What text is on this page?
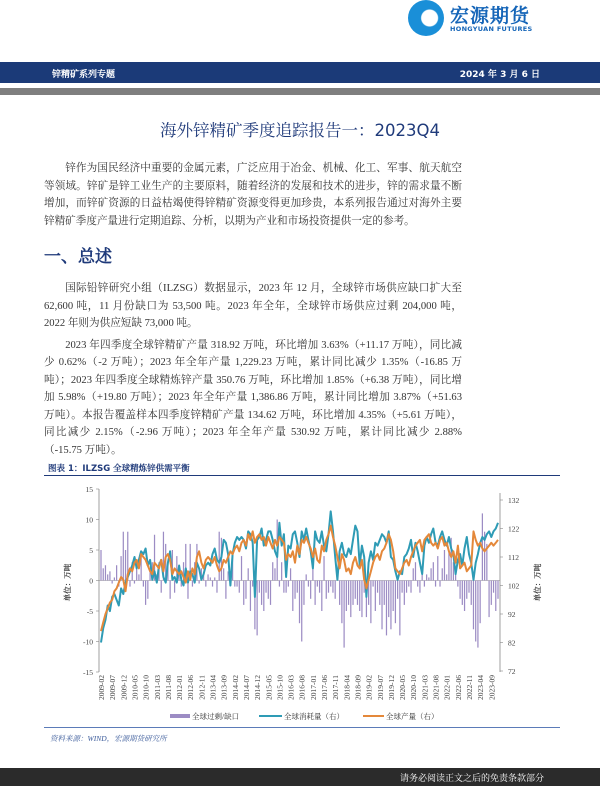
宏源期货
HONGYUAN FUTURES
锌精矿系列专题	2024 年 3 月 6 日
海外锌精矿季度追踪报告一：2023Q4

锌作为国民经济中重要的金属元素，广泛应用于冶金、机械、化工、军事、航天航空等领域。锌矿是锌工业生产的主要原料，随着经济的发展和技术的进步，锌的需求量不断增加，而锌矿资源的日益枯竭使得锌精矿资源变得更加珍贵，本系列报告通过对海外主要锌精矿季度产量进行定期追踪、分析，以期为产业和市场投资提供一定的参考。

一、总述

国际铅锌研究小组（ILZSG）数据显示，2023 年 12 月，全球锌市场供应缺口扩大至 62,600 吨，11 月份缺口为 53,500 吨。2023 年全年，全球锌市场供应过剩 204,000 吨，2022 年则为供应短缺 73,000 吨。

2023 年四季度全球锌精矿产量 318.92 万吨，环比增加 3.63%（+11.17 万吨），同比减少 0.62%（-2 万吨）；2023 年全年产量 1,229.23 万吨，累计同比减少 1.35%（-16.85 万吨）；2023 年四季度全球精炼锌产量 350.76 万吨，环比增加 1.85%（+6.38 万吨），同比增加 5.98%（+19.80 万吨）；2023 年全年产量 1,386.86 万吨，累计同比增加 3.87%（+51.63 万吨）。本报告覆盖样本四季度锌精矿产量 134.62 万吨，环比增加 4.35%（+5.61 万吨），同比减少 2.15%（-2.96 万吨）；2023 年全年产量 530.92 万吨，累计同比减少 2.88%（-15.75 万吨）。

图表 1：ILZSG 全球精炼锌供需平衡
15
10
5
0
-5
-10
-15
132
122
112
102
92
82
72
单位：万吨	单位：万吨
2009-02 2009-07 2009-12 2010-05 2010-10 2011-03 2011-08 2012-01 2012-06 2012-11 2013-04 2013-09 2014-02 2014-07 2014-12 2015-05 2015-10 2016-03 2016-08 2017-01 2017-06 2017-11 2018-04 2018-09 2019-02 2019-07 2019-12 2020-05 2020-10 2021-03 2021-08 2022-01 2022-06 2022-11 2023-04 2023-09
全球过剩/缺口	全球消耗量（右）	全球产量（右）
资料来源：WIND，宏源期货研究所
请务必阅读正文之后的免责条款部分
